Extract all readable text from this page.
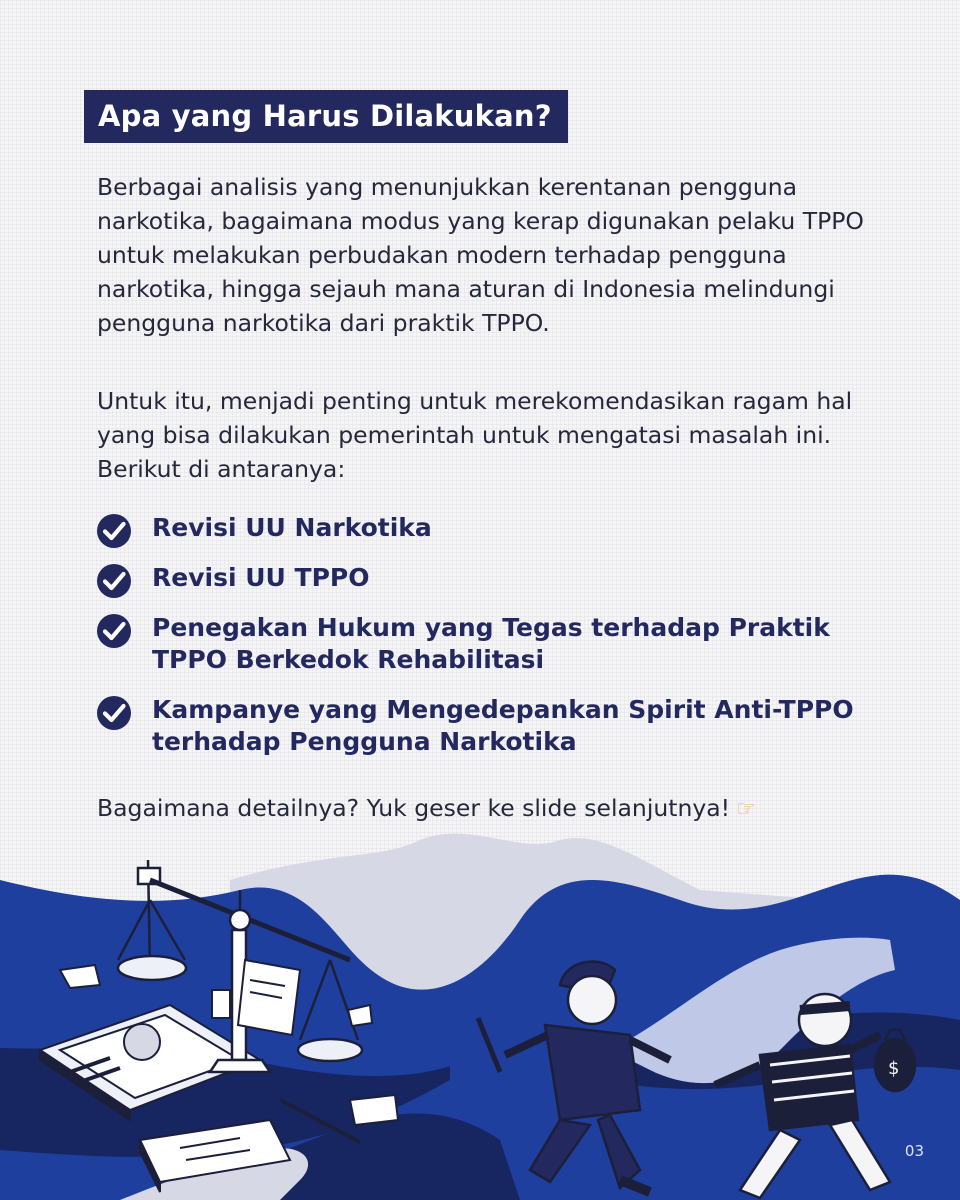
Apa yang Harus Dilakukan?

Berbagai analisis yang menunjukkan kerentanan pengguna narkotika, bagaimana modus yang kerap digunakan pelaku TPPO untuk melakukan perbudakan modern terhadap pengguna narkotika, hingga sejauh mana aturan di Indonesia melindungi pengguna narkotika dari praktik TPPO.

Untuk itu, menjadi penting untuk merekomendasikan ragam hal yang bisa dilakukan pemerintah untuk mengatasi masalah ini. Berikut di antaranya:

Revisi UU Narkotika
Revisi UU TPPO
Penegakan Hukum yang Tegas terhadap Praktik TPPO Berkedok Rehabilitasi
Kampanye yang Mengedepankan Spirit Anti-TPPO terhadap Pengguna Narkotika
Bagaimana detailnya? Yuk geser ke slide selanjutnya! ☞
$
03
